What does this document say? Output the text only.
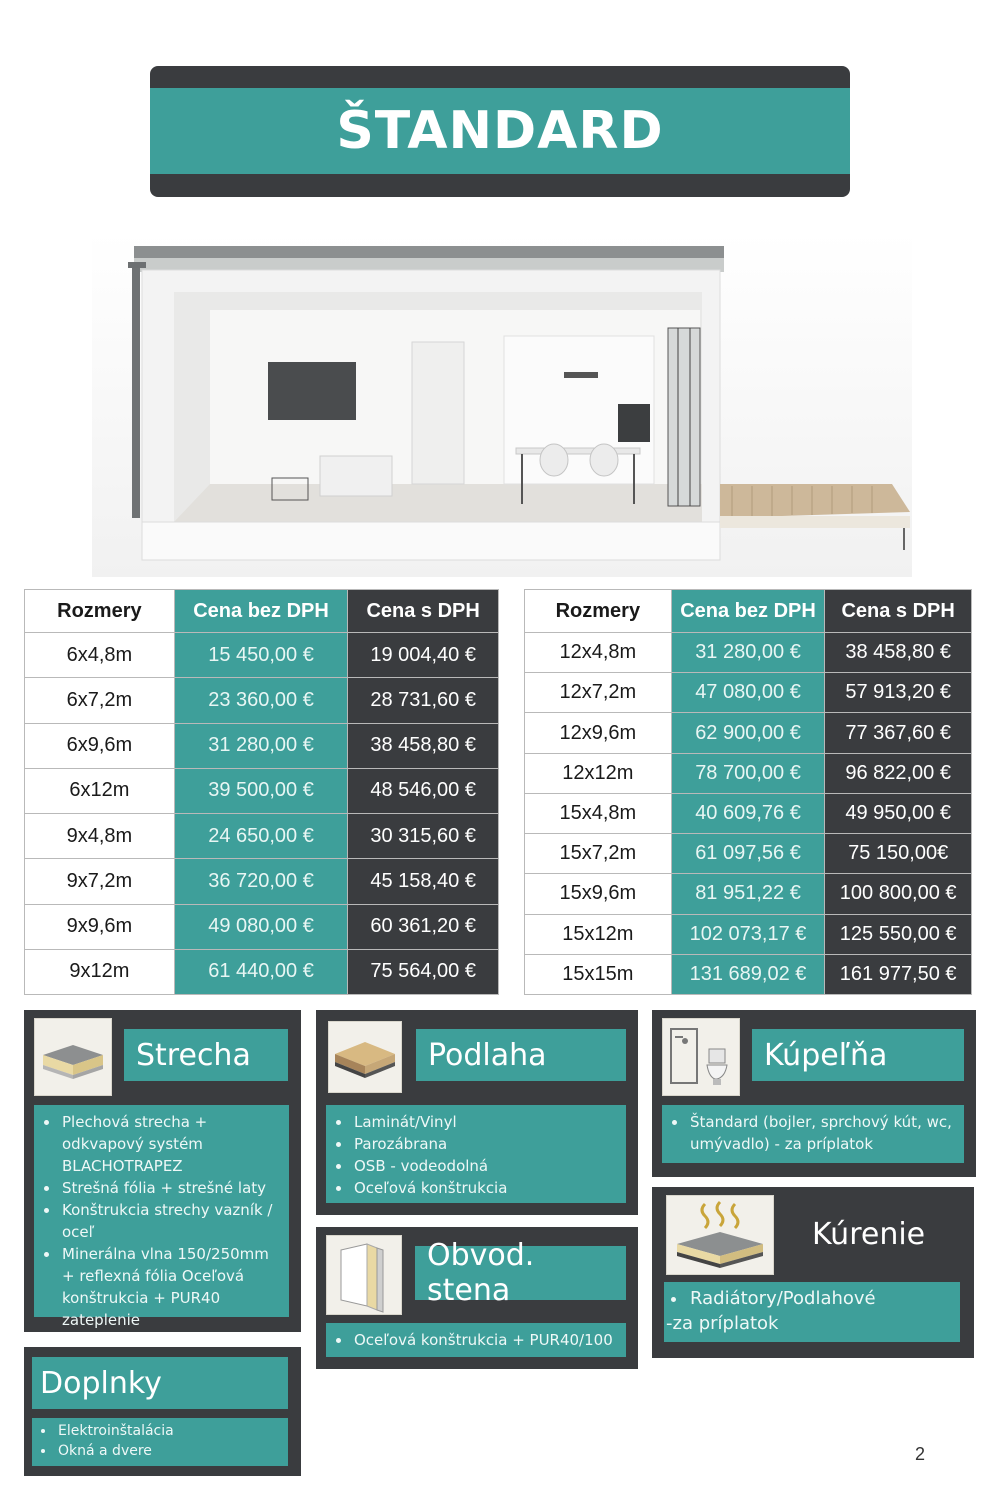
ŠTANDARD
Rozmery	Cena bez DPH	Cena s DPH
6x4,8m	15 450,00 €	19 004,40 €
6x7,2m	23 360,00 €	28 731,60 €
6x9,6m	31 280,00 €	38 458,80 €
6x12m	39 500,00 €	48 546,00 €
9x4,8m	24 650,00 €	30 315,60 €
9x7,2m	36 720,00 €	45 158,40 €
9x9,6m	49 080,00 €	60 361,20 €
9x12m	61 440,00 €	75 564,00 €
Rozmery	Cena bez DPH	Cena s DPH
12x4,8m	31 280,00 €	38 458,80 €
12x7,2m	47 080,00 €	57 913,20 €
12x9,6m	62 900,00 €	77 367,60 €
12x12m	78 700,00 €	96 822,00 €
15x4,8m	40 609,76 €	49 950,00 €
15x7,2m	61 097,56 €	75 150,00€
15x9,6m	81 951,22 €	100 800,00 €
15x12m	102 073,17 €	125 550,00 €
15x15m	131 689,02 €	161 977,50 €
Strecha
• Plechová strecha + odkvapový systém BLACHOTRAPEZ
• Strešná fólia + strešné laty
• Konštrukcia strechy vazník / oceľ
• Minerálna vlna 150/250mm + reflexná fólia Oceľová konštrukcia + PUR40 zateplenie
Podlaha
• Laminát/Vinyl
• Parozábrana
• OSB - vodeodolná
• Oceľová konštrukcia
Kúpeľňa
• Štandard (bojler, sprchový kút, wc, umývadlo) - za príplatok
Obvod. stena
• Oceľová konštrukcia + PUR40/100
Kúrenie
• Radiátory/Podlahové
-za príplatok
Doplnky
• Elektroinštalácia
• Okná a dvere	2
